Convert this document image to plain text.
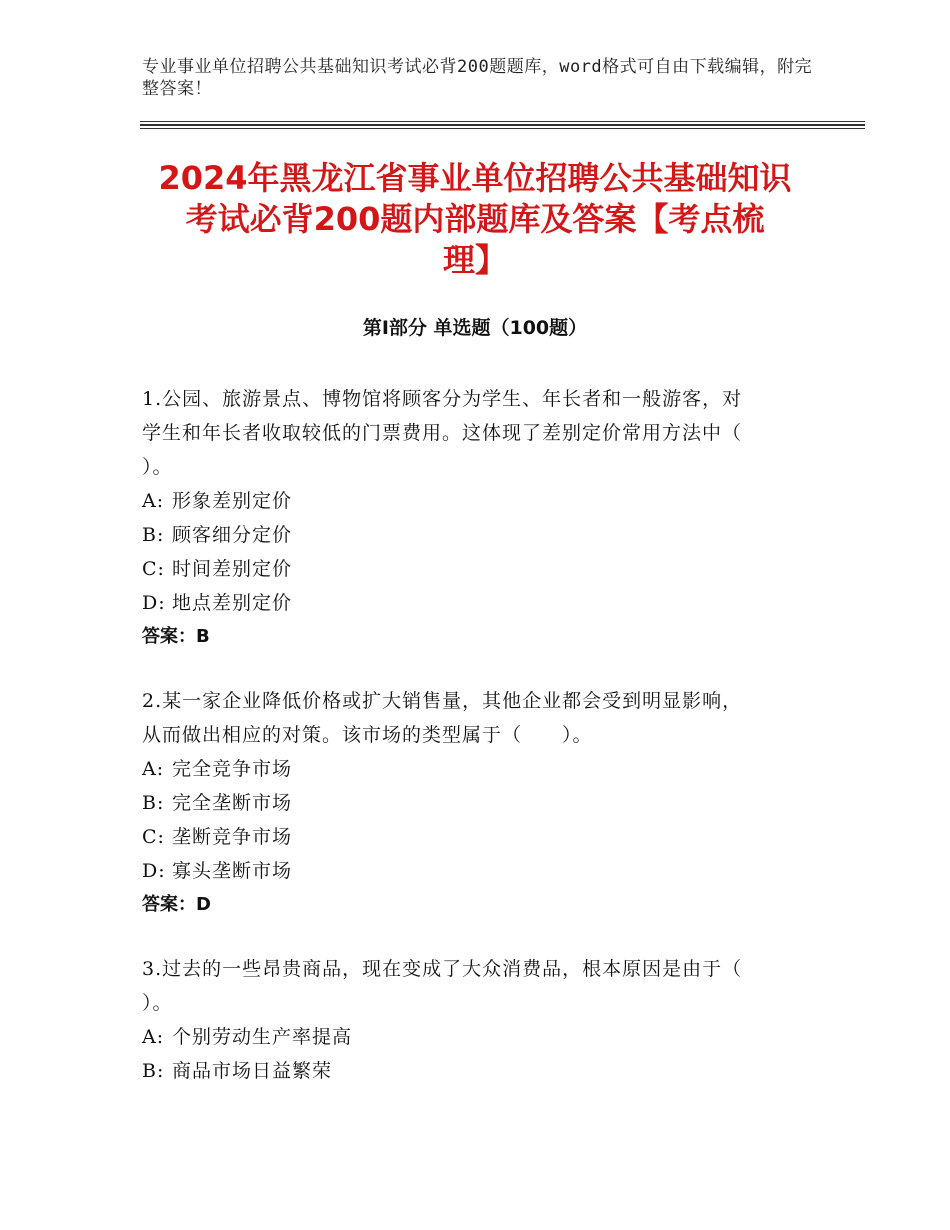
专业事业单位招聘公共基础知识考试必背200题题库，word格式可自由下载编辑，附完整答案！
2024年黑龙江省事业单位招聘公共基础知识
考试必背200题内部题库及答案【考点梳
理】
第Ⅰ部分 单选题（100题）

1.公园、旅游景点、博物馆将顾客分为学生、年长者和一般游客，对

学生和年长者收取较低的门票费用。这体现了差别定价常用方法中（

）。

A: 形象差别定价

B: 顾客细分定价

C: 时间差别定价

D: 地点差别定价

答案：B

2.某一家企业降低价格或扩大销售量，其他企业都会受到明显影响，

从而做出相应的对策。该市场的类型属于（　　）。

A: 完全竞争市场

B: 完全垄断市场

C: 垄断竞争市场

D: 寡头垄断市场

答案：D

3.过去的一些昂贵商品，现在变成了大众消费品，根本原因是由于（

）。

A: 个别劳动生产率提高

B: 商品市场日益繁荣
